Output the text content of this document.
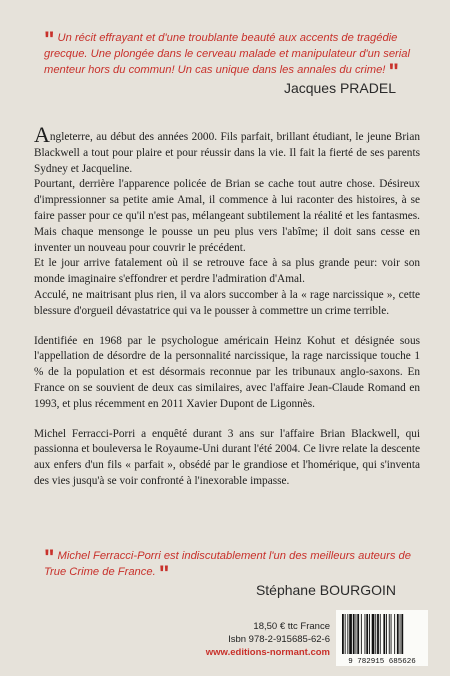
" Un récit effrayant et d'une troublante beauté aux accents de tragédie grecque. Une plongée dans le cerveau malade et manipulateur d'un serial menteur hors du commun! Un cas unique dans les annales du crime! "

Jacques PRADEL

Angleterre, au début des années 2000. Fils parfait, brillant étudiant, le jeune Brian Blackwell a tout pour plaire et pour réussir dans la vie. Il fait la fierté de ses parents Sydney et Jacqueline.

Pourtant, derrière l'apparence policée de Brian se cache tout autre chose. Désireux d'impressionner sa petite amie Amal, il commence à lui raconter des histoires, à se faire passer pour ce qu'il n'est pas, mélangeant subtilement la réalité et les fantasmes. Mais chaque mensonge le pousse un peu plus vers l'abîme; il doit sans cesse en inventer un nouveau pour couvrir le précédent.

Et le jour arrive fatalement où il se retrouve face à sa plus grande peur: voir son monde imaginaire s'effondrer et perdre l'admiration d'Amal.

Acculé, ne maitrisant plus rien, il va alors succomber à la « rage narcissique », cette blessure d'orgueil dévastatrice qui va le pousser à commettre un crime terrible.

Identifiée en 1968 par le psychologue américain Heinz Kohut et désignée sous l'appellation de désordre de la personnalité narcissique, la rage narcissique touche 1 % de la population et est désormais reconnue par les tribunaux anglo-saxons. En France on se souvient de deux cas similaires, avec l'affaire Jean-Claude Romand en 1993, et plus récemment en 2011 Xavier Dupont de Ligonnès.

Michel Ferracci-Porri a enquêté durant 3 ans sur l'affaire Brian Blackwell, qui passionna et bouleversa le Royaume-Uni durant l'été 2004. Ce livre relate la descente aux enfers d'un fils « parfait », obsédé par le grandiose et l'homérique, qui s'inventa des vies jusqu'à se voir confronté à l'inexorable impasse.

" Michel Ferracci-Porri est indiscutablement l'un des meilleurs auteurs de True Crime de France. "

Stéphane BOURGOIN
18,50 € ttc France
Isbn 978-2-915685-62-6
www.editions-normant.com
9 782915 685626
